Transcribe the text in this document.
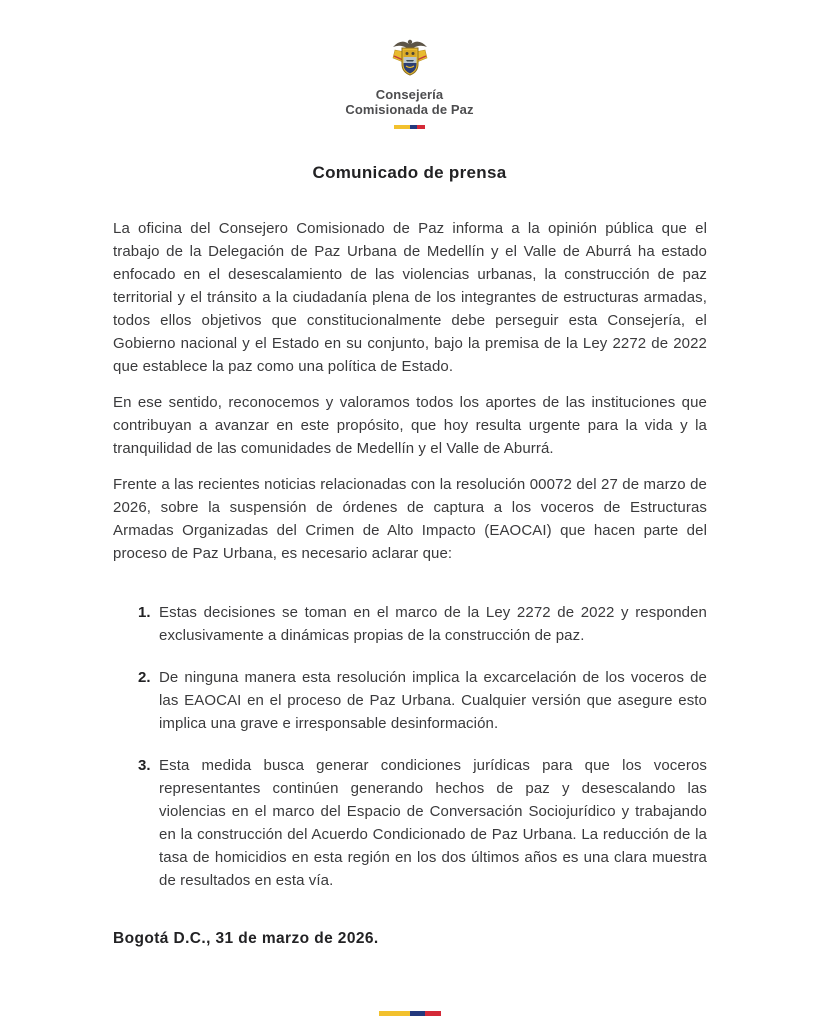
Consejería
Comisionada de Paz
Comunicado de prensa

La oficina del Consejero Comisionado de Paz informa a la opinión pública que el trabajo de la Delegación de Paz Urbana de Medellín y el Valle de Aburrá ha estado enfocado en el desescalamiento de las violencias urbanas, la construcción de paz territorial y el tránsito a la ciudadanía plena de los integrantes de estructuras armadas, todos ellos objetivos que constitucionalmente debe perseguir esta Consejería, el Gobierno nacional y el Estado en su conjunto, bajo la premisa de la Ley 2272 de 2022 que establece la paz como una política de Estado.

En ese sentido, reconocemos y valoramos todos los aportes de las instituciones que contribuyan a avanzar en este propósito, que hoy resulta urgente para la vida y la tranquilidad de las comunidades de Medellín y el Valle de Aburrá.

Frente a las recientes noticias relacionadas con la resolución 00072 del 27 de marzo de 2026, sobre la suspensión de órdenes de captura a los voceros de Estructuras Armadas Organizadas del Crimen de Alto Impacto (EAOCAI) que hacen parte del proceso de Paz Urbana, es necesario aclarar que:

1. Estas decisiones se toman en el marco de la Ley 2272 de 2022 y responden exclusivamente a dinámicas propias de la construcción de paz.
2. De ninguna manera esta resolución implica la excarcelación de los voceros de las EAOCAI en el proceso de Paz Urbana. Cualquier versión que asegure esto implica una grave e irresponsable desinformación.
3. Esta medida busca generar condiciones jurídicas para que los voceros representantes continúen generando hechos de paz y desescalando las violencias en el marco del Espacio de Conversación Sociojurídico y trabajando en la construcción del Acuerdo Condicionado de Paz Urbana. La reducción de la tasa de homicidios en esta región en los dos últimos años es una clara muestra de resultados en esta vía.
Bogotá D.C., 31 de marzo de 2026.
